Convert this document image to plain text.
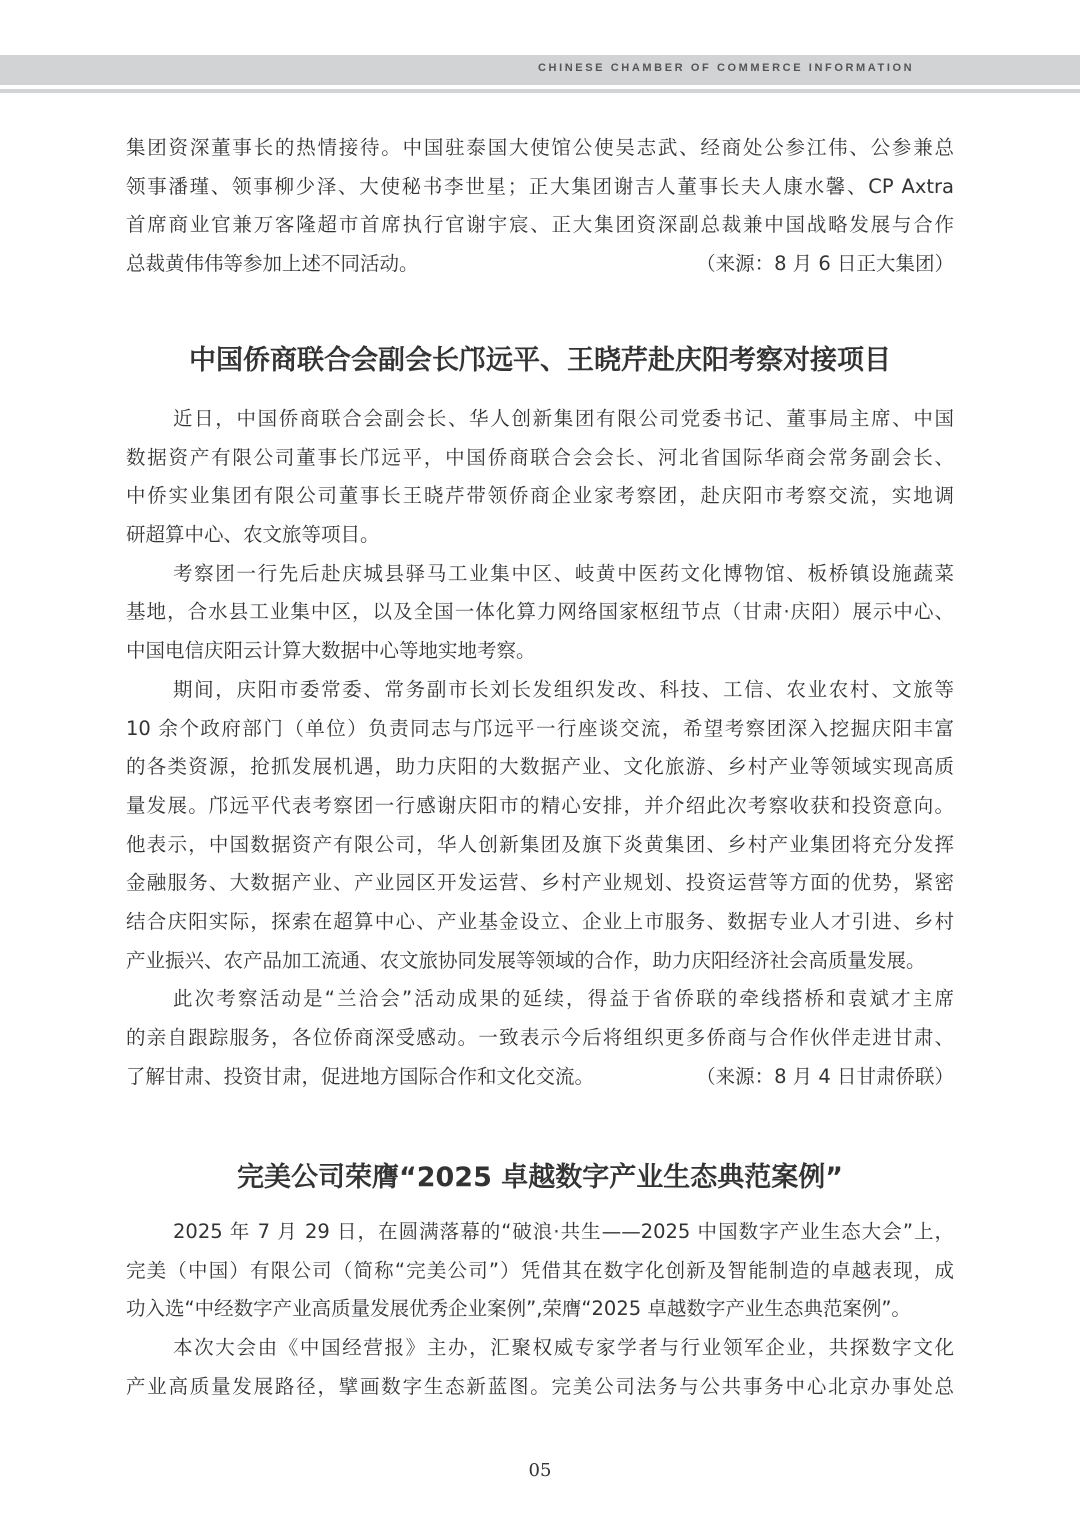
CHINESE CHAMBER OF COMMERCE INFORMATION
集团资深董事长的热情接待。中国驻泰国大使馆公使吴志武、经商处公参江伟、公参兼总
领事潘瑾、领事柳少泽、大使秘书李世星；正大集团谢吉人董事长夫人康水馨、CP Axtra
首席商业官兼万客隆超市首席执行官谢宇宸、正大集团资深副总裁兼中国战略发展与合作
总裁黄伟伟等参加上述不同活动。	（来源：8 月 6 日正大集团）
中国侨商联合会副会长邝远平、王晓芹赴庆阳考察对接项目
近日，中国侨商联合会副会长、华人创新集团有限公司党委书记、董事局主席、中国
数据资产有限公司董事长邝远平，中国侨商联合会会长、河北省国际华商会常务副会长、
中侨实业集团有限公司董事长王晓芹带领侨商企业家考察团，赴庆阳市考察交流，实地调
研超算中心、农文旅等项目。
考察团一行先后赴庆城县驿马工业集中区、岐黄中医药文化博物馆、板桥镇设施蔬菜
基地，合水县工业集中区，以及全国一体化算力网络国家枢纽节点（甘肃·庆阳）展示中心、
中国电信庆阳云计算大数据中心等地实地考察。
期间，庆阳市委常委、常务副市长刘长发组织发改、科技、工信、农业农村、文旅等
10 余个政府部门（单位）负责同志与邝远平一行座谈交流，希望考察团深入挖掘庆阳丰富
的各类资源，抢抓发展机遇，助力庆阳的大数据产业、文化旅游、乡村产业等领域实现高质
量发展。邝远平代表考察团一行感谢庆阳市的精心安排，并介绍此次考察收获和投资意向。
他表示，中国数据资产有限公司，华人创新集团及旗下炎黄集团、乡村产业集团将充分发挥
金融服务、大数据产业、产业园区开发运营、乡村产业规划、投资运营等方面的优势，紧密
结合庆阳实际，探索在超算中心、产业基金设立、企业上市服务、数据专业人才引进、乡村
产业振兴、农产品加工流通、农文旅协同发展等领域的合作，助力庆阳经济社会高质量发展。
此次考察活动是“兰洽会”活动成果的延续，得益于省侨联的牵线搭桥和袁斌才主席
的亲自跟踪服务，各位侨商深受感动。一致表示今后将组织更多侨商与合作伙伴走进甘肃、
了解甘肃、投资甘肃，促进地方国际合作和文化交流。	（来源：8 月 4 日甘肃侨联）
完美公司荣膺“2025 卓越数字产业生态典范案例”
2025 年 7 月 29 日，在圆满落幕的“破浪·共生——2025 中国数字产业生态大会”上，
完美（中国）有限公司（简称“完美公司”）凭借其在数字化创新及智能制造的卓越表现，成
功入选“中经数字产业高质量发展优秀企业案例”,荣膺“2025 卓越数字产业生态典范案例”。
本次大会由《中国经营报》主办，汇聚权威专家学者与行业领军企业，共探数字文化
产业高质量发展路径，擘画数字生态新蓝图。完美公司法务与公共事务中心北京办事处总
05
